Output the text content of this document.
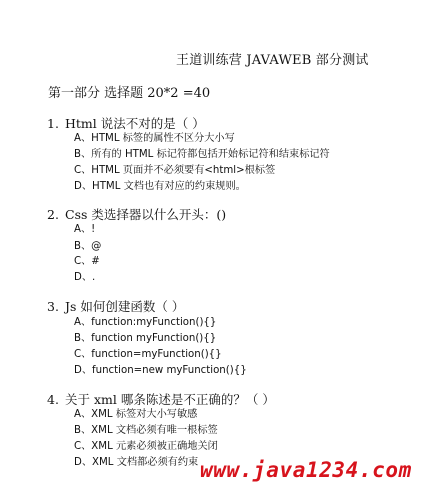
王道训练营 JAVAWEB 部分测试
第一部分 选择题 20*2 =40
1. Html 说法不对的是（ ）
A、HTML 标签的属性不区分大小写
B、所有的 HTML 标记符都包括开始标记符和结束标记符
C、HTML 页面并不必须要有<html>根标签
D、HTML 文档也有对应的约束规则。
2. Css 类选择器以什么开头：()
A、!
B、@
C、#
D、.
3. Js 如何创建函数（ ）
A、function:myFunction(){}
B、function myFunction(){}
C、function=myFunction(){}
D、function=new myFunction(){}
4. 关于 xml 哪条陈述是不正确的？（ ）
A、XML 标签对大小写敏感
B、XML 文档必须有唯一根标签
C、XML 元素必须被正确地关闭
D、XML 文档都必须有约束 www.java1234.com
